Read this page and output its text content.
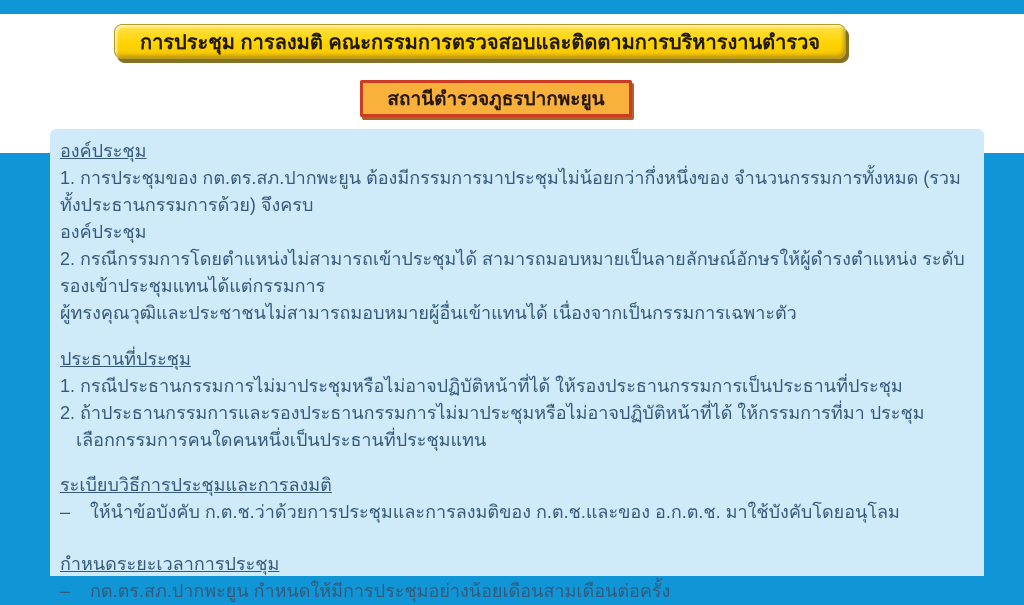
การประชุม การลงมติ คณะกรรมการตรวจสอบและติดตามการบริหารงานตำรวจ
สถานีตำรวจภูธรปากพะยูน
องค์ประชุม
1. การประชุมของ กต.ตร.สภ.ปากพะยูน ต้องมีกรรมการมาประชุมไม่น้อยกว่ากึ่งหนึ่งของ จำนวนกรรมการทั้งหมด (รวมทั้งประธานกรรมการด้วย) จึงครบ
องค์ประชุม
2. กรณีกรรมการโดยตำแหน่งไม่สามารถเข้าประชุมได้ สามารถมอบหมายเป็นลายลักษณ์อักษรให้ผู้ดำรงตำแหน่ง ระดับรองเข้าประชุมแทนได้แต่กรรมการ
ผู้ทรงคุณวุฒิและประชาชนไม่สามารถมอบหมายผู้อื่นเข้าแทนได้ เนื่องจากเป็นกรรมการเฉพาะตัว
ประธานที่ประชุม
1. กรณีประธานกรรมการไม่มาประชุมหรือไม่อาจปฏิบัติหน้าที่ได้ ให้รองประธานกรรมการเป็นประธานที่ประชุม
2. ถ้าประธานกรรมการและรองประธานกรรมการไม่มาประชุมหรือไม่อาจปฏิบัติหน้าที่ได้ ให้กรรมการที่มา ประชุม
เลือกกรรมการคนใดคนหนึ่งเป็นประธานที่ประชุมแทน
ระเบียบวิธีการประชุมและการลงมติ
–    ให้นำข้อบังคับ ก.ต.ช.ว่าด้วยการประชุมและการลงมติของ ก.ต.ช.และของ อ.ก.ต.ช. มาใช้บังคับโดยอนุโลม
กำหนดระยะเวลาการประชุม
–    กต.ตร.สภ.ปากพะยูน กำหนดให้มีการประชุมอย่างน้อยเดือนสามเดือนต่อครั้ง
